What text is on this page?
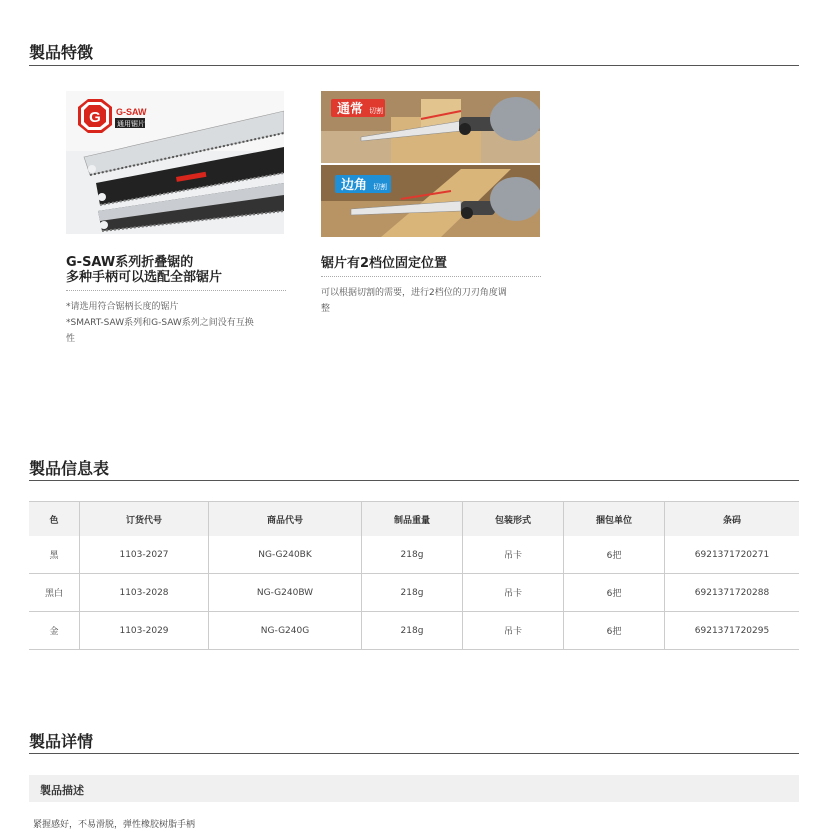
製品特徴
G G-SAW
通用锯片
G-SAW系列折叠锯的
多种手柄可以选配全部锯片
*请选用符合锯柄长度的锯片
*SMART-SAW系列和G-SAW系列之间没有互换
性
通常 切割
边角 切割
锯片有2档位固定位置
可以根据切割的需要，进行2档位的刀刃角度调
整
製品信息表
色	订货代号	商品代号	制品重量	包装形式	捆包单位	条码
黑	1103-2027	NG-G240BK	218g	吊卡	6把	6921371720271
黑白	1103-2028	NG-G240BW	218g	吊卡	6把	6921371720288
金	1103-2029	NG-G240G	218g	吊卡	6把	6921371720295
製品详情
製品描述
紧握感好，不易滑脱，弹性橡胶树脂手柄
